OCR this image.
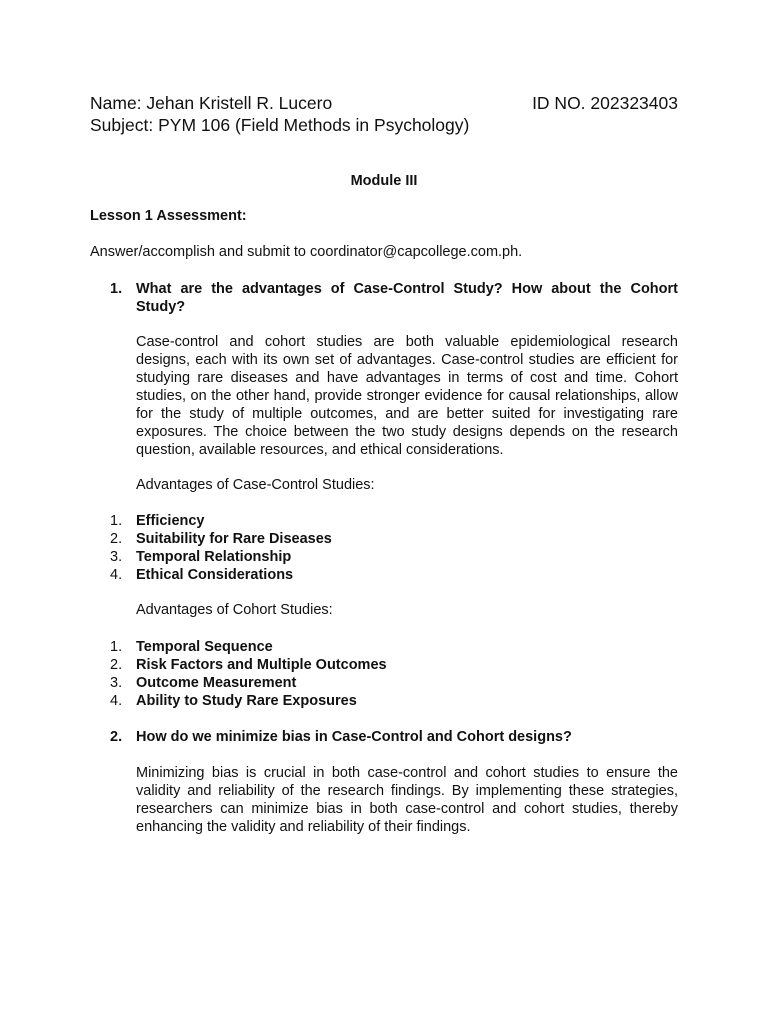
Name: Jehan Kristell R. Lucero	ID NO. 202323403
Subject: PYM 106 (Field Methods in Psychology)
Module III
Lesson 1 Assessment:
Answer/accomplish and submit to coordinator@capcollege.com.ph.
1. What are the advantages of Case-Control Study? How about the Cohort Study?
Case-control and cohort studies are both valuable epidemiological research designs, each with its own set of advantages. Case-control studies are efficient for studying rare diseases and have advantages in terms of cost and time. Cohort studies, on the other hand, provide stronger evidence for causal relationships, allow for the study of multiple outcomes, and are better suited for investigating rare exposures. The choice between the two study designs depends on the research question, available resources, and ethical considerations.
Advantages of Case-Control Studies:
1. Efficiency
2. Suitability for Rare Diseases
3. Temporal Relationship
4. Ethical Considerations
Advantages of Cohort Studies:
1. Temporal Sequence
2. Risk Factors and Multiple Outcomes
3. Outcome Measurement
4. Ability to Study Rare Exposures
2. How do we minimize bias in Case-Control and Cohort designs?
Minimizing bias is crucial in both case-control and cohort studies to ensure the validity and reliability of the research findings. By implementing these strategies, researchers can minimize bias in both case-control and cohort studies, thereby enhancing the validity and reliability of their findings.
